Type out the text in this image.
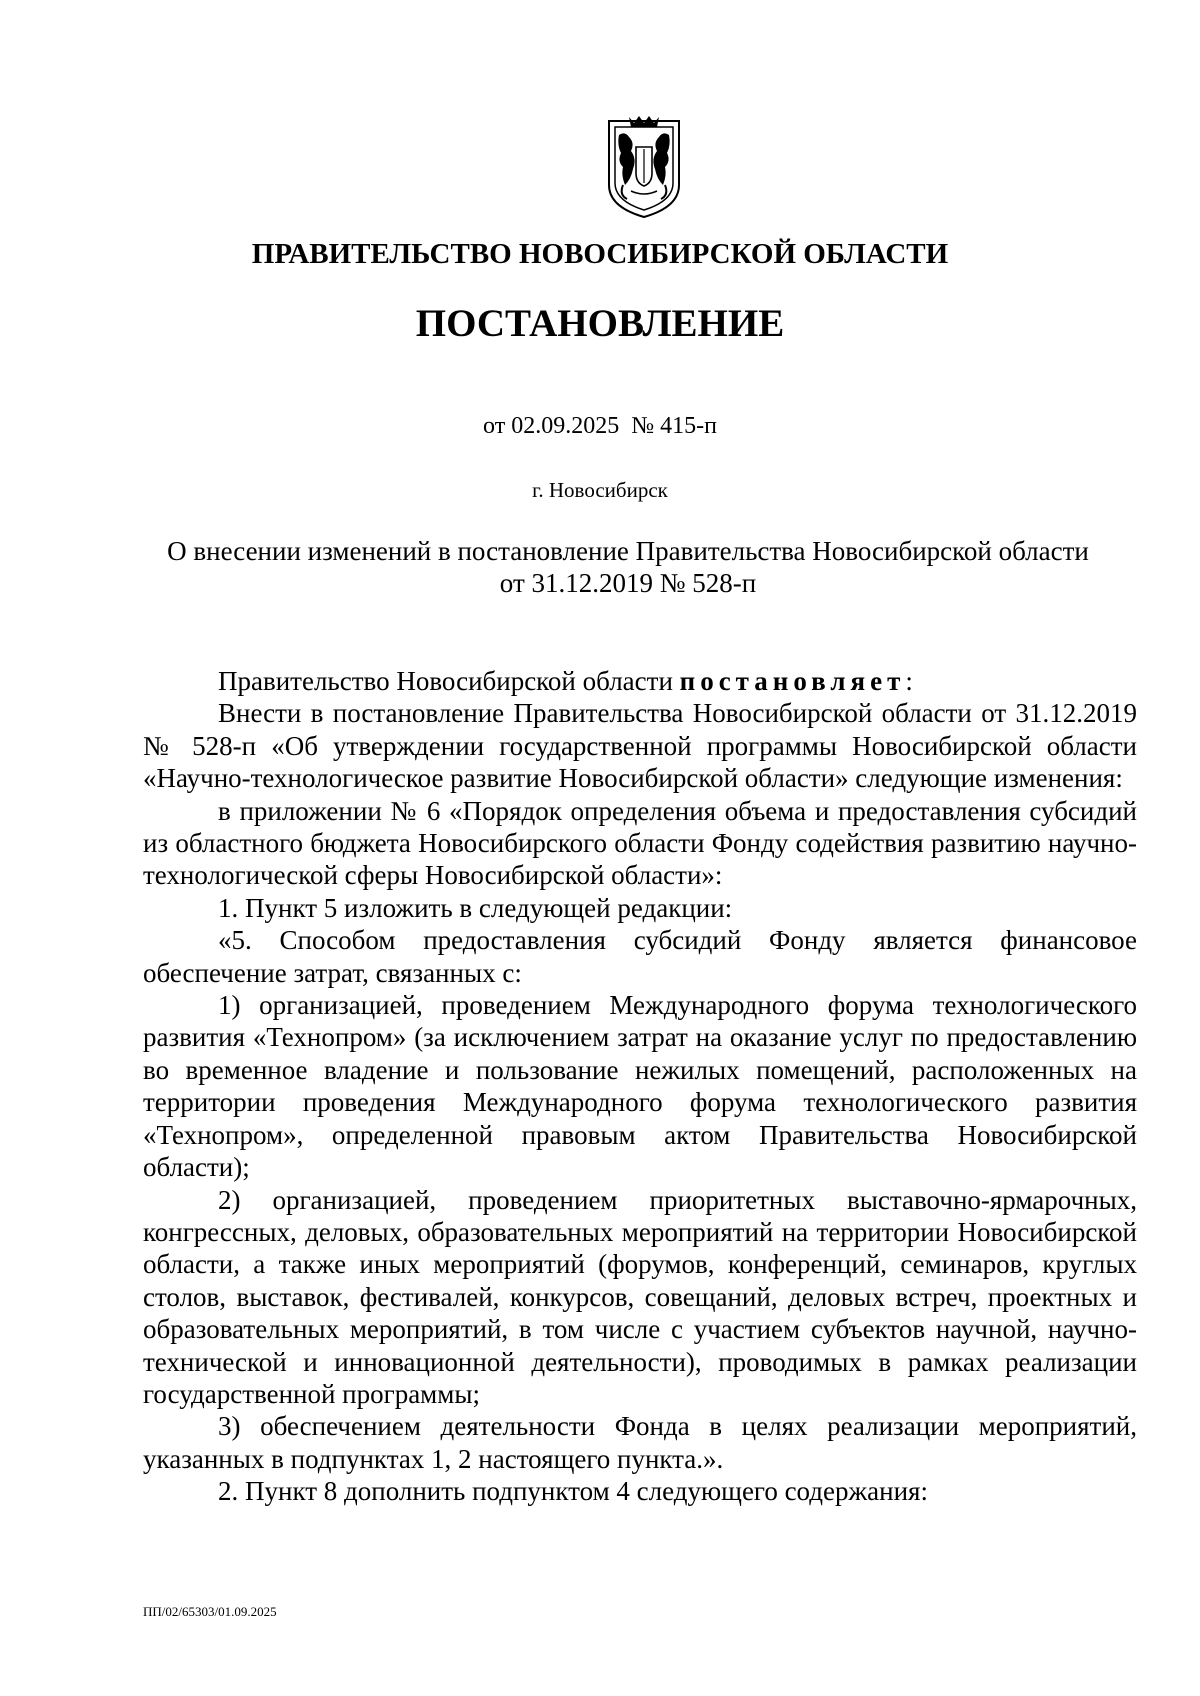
ПРАВИТЕЛЬСТВО НОВОСИБИРСКОЙ ОБЛАСТИ
ПОСТАНОВЛЕНИЕ
от 02.09.2025  № 415-п
г. Новосибирск
О внесении изменений в постановление Правительства Новосибирской области
от 31.12.2019 № 528-п

Правительство Новосибирской области постановляет:

Внести в постановление Правительства Новосибирской области от 31.12.2019 № 528-п «Об утверждении государственной программы Новосибирской области «Научно-технологическое развитие Новосибирской области» следующие изменения:

в приложении № 6 «Порядок определения объема и предоставления субсидий из областного бюджета Новосибирского области Фонду содействия развитию научно-технологической сферы Новосибирской области»:

1. Пункт 5 изложить в следующей редакции:

«5. Способом предоставления субсидий Фонду является финансовое обеспечение затрат, связанных с:

1) организацией, проведением Международного форума технологического развития «Технопром» (за исключением затрат на оказание услуг по предоставлению во временное владение и пользование нежилых помещений, расположенных на территории проведения Международного форума технологического развития «Технопром», определенной правовым актом Правительства Новосибирской области);

2) организацией, проведением приоритетных выставочно-ярмарочных, конгрессных, деловых, образовательных мероприятий на территории Новосибирской области, а также иных мероприятий (форумов, конференций, семинаров, круглых столов, выставок, фестивалей, конкурсов, совещаний, деловых встреч, проектных и образовательных мероприятий, в том числе с участием субъектов научной, научно-технической и инновационной деятельности), проводимых в рамках реализации государственной программы;

3) обеспечением деятельности Фонда в целях реализации мероприятий, указанных в подпунктах 1, 2 настоящего пункта.».

2. Пункт 8 дополнить подпунктом 4 следующего содержания:

ПП/02/65303/01.09.2025
